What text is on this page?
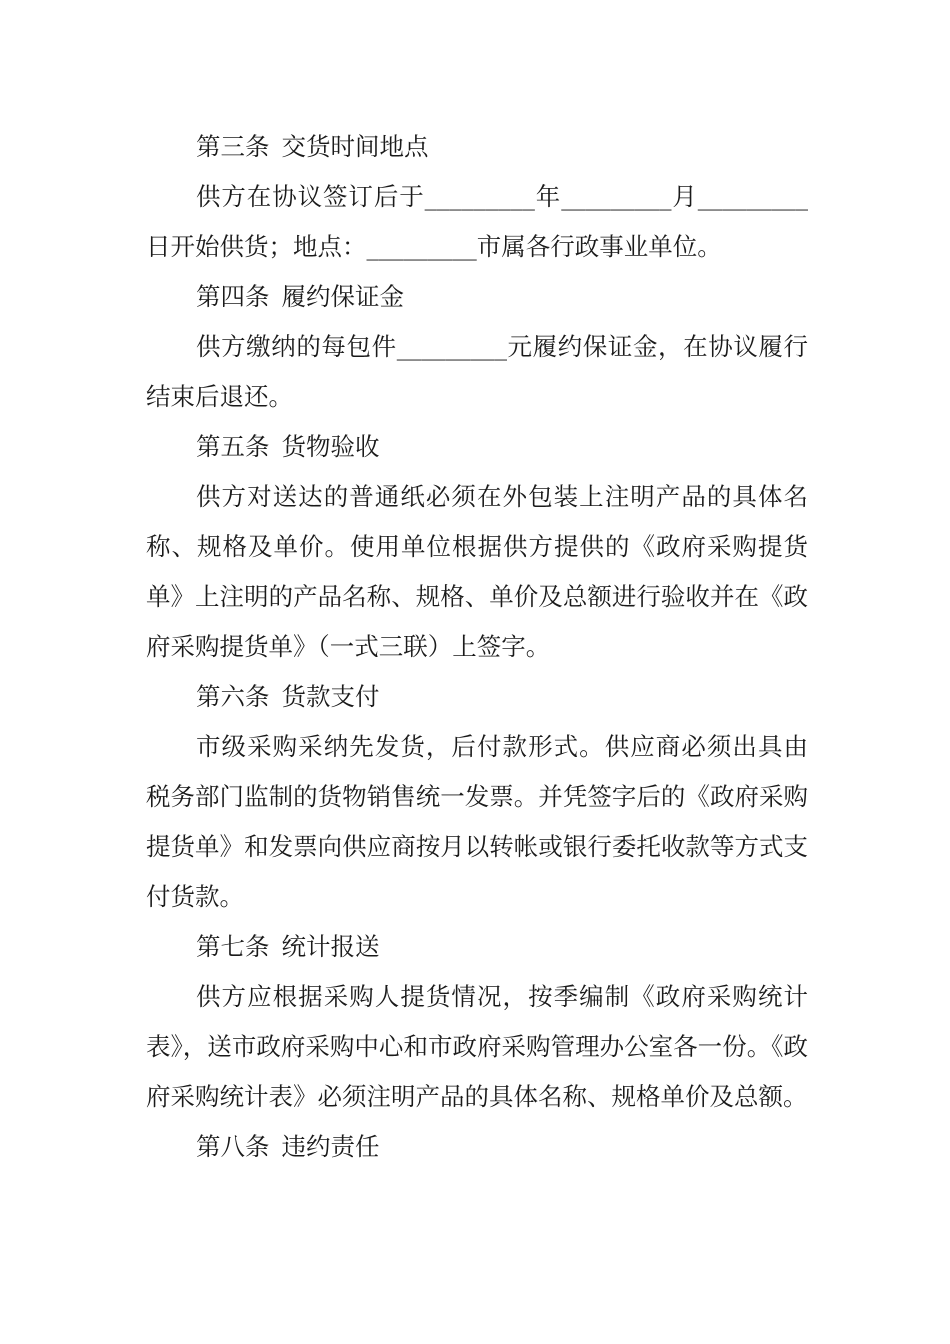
第三条 交货时间地点

供方在协议签订后于_________年_________月_________日开始供货；地点：_________市属各行政事业单位。

第四条 履约保证金

供方缴纳的每包件_________元履约保证金，在协议履行结束后退还。

第五条 货物验收

供方对送达的普通纸必须在外包装上注明产品的具体名称、规格及单价。使用单位根据供方提供的《政府采购提货单》上注明的产品名称、规格、单价及总额进行验收并在《政府采购提货单》（一式三联）上签字。

第六条 货款支付

市级采购采纳先发货，后付款形式。供应商必须出具由税务部门监制的货物销售统一发票。并凭签字后的《政府采购提货单》和发票向供应商按月以转帐或银行委托收款等方式支付货款。

第七条 统计报送

供方应根据采购人提货情况，按季编制《政府采购统计表》，送市政府采购中心和市政府采购管理办公室各一份。《政府采购统计表》必须注明产品的具体名称、规格单价及总额。

第八条 违约责任
